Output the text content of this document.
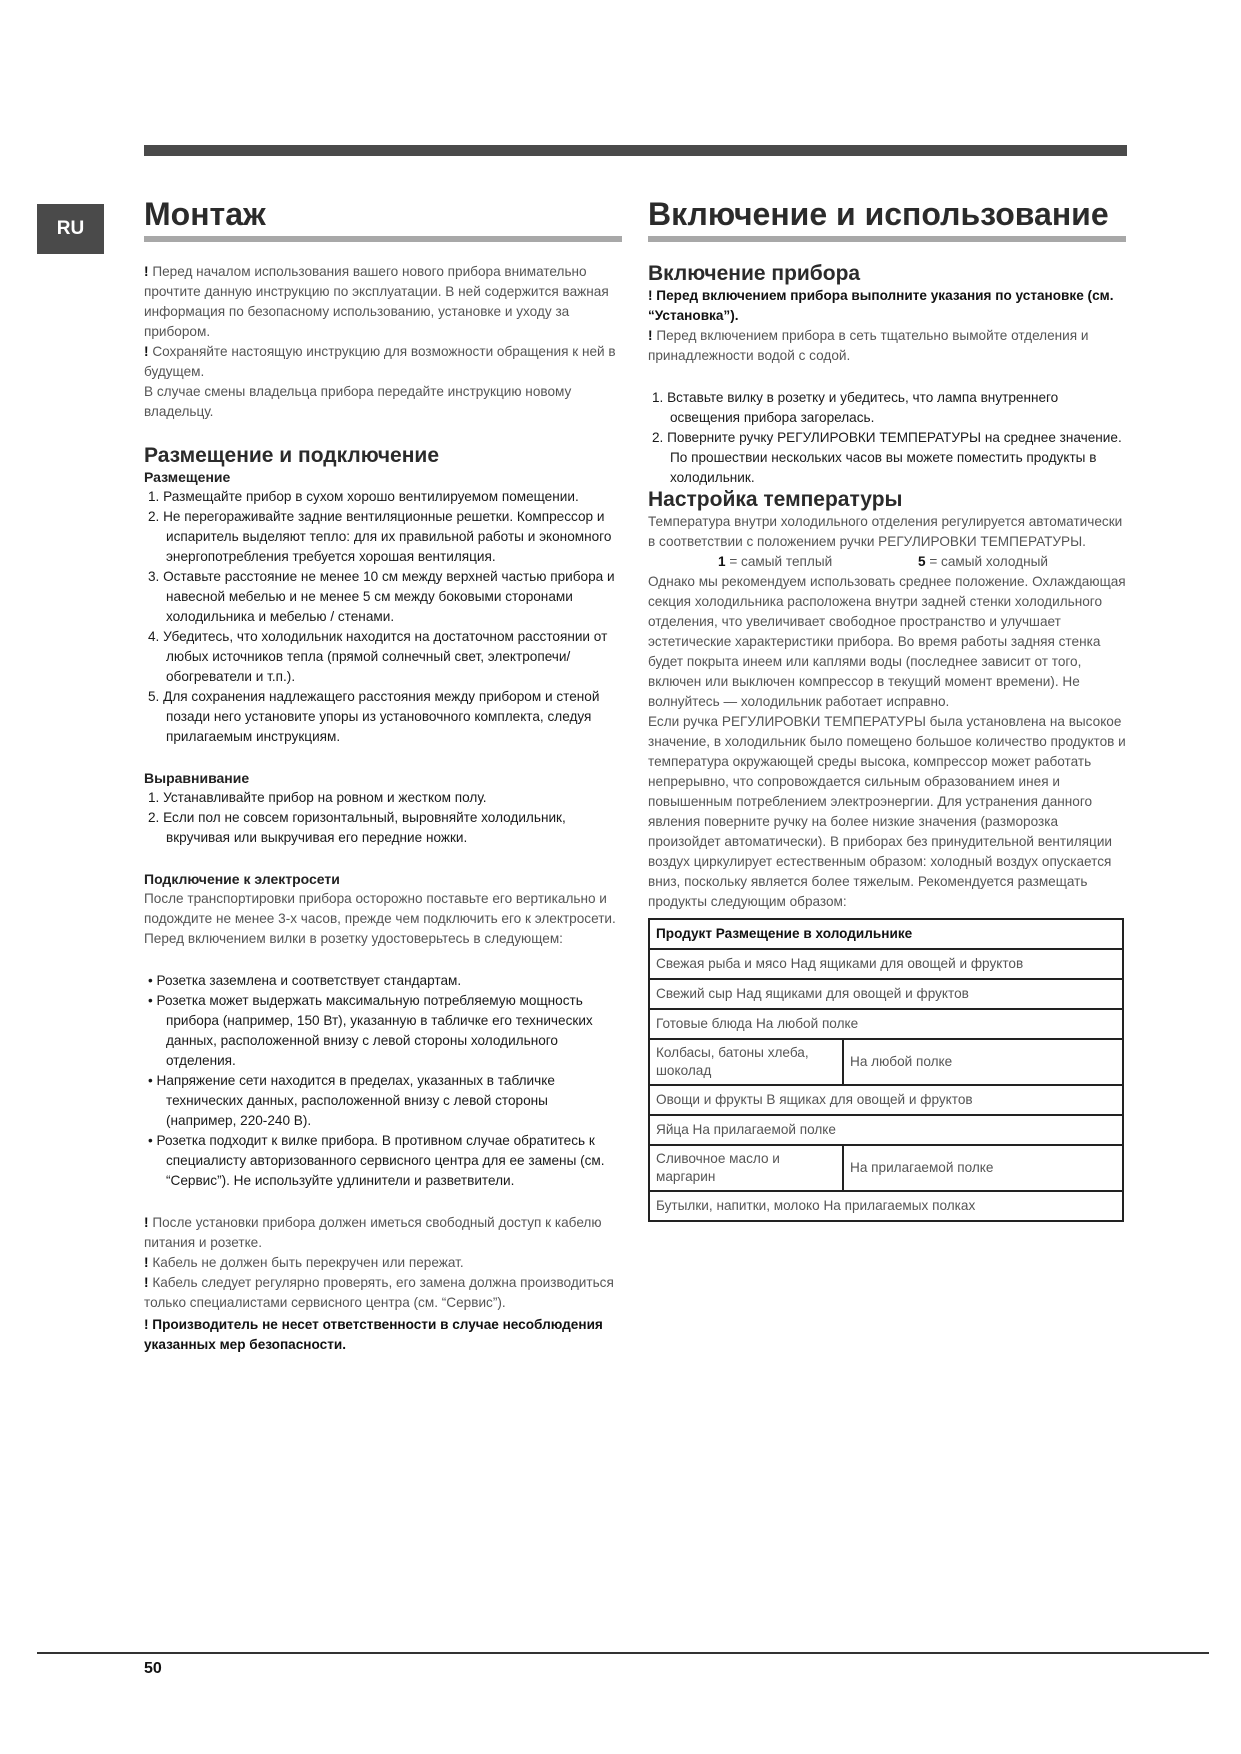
RU	Монтаж

! Перед началом использования вашего нового прибора внимательно прочтите данную инструкцию по эксплуатации. В ней содержится важная информация по безопасному использованию, установке и уходу за прибором.

! Сохраняйте настоящую инструкцию для возможности обращения к ней в будущем.

В случае смены владельца прибора передайте инструкцию новому владельцу.

Размещение и подключение
Размещение
1. Размещайте прибор в сухом хорошо вентилируемом помещении.
2. Не перегораживайте задние вентиляционные решетки. Компрессор и испаритель выделяют тепло: для их правильной работы и экономного энергопотребления требуется хорошая вентиляция.
3. Оставьте расстояние не менее 10 см между верхней частью прибора и навесной мебелью и не менее 5 см между боковыми сторонами холодильника и мебелью / стенами.
4. Убедитесь, что холодильник находится на достаточном расстоянии от любых источников тепла (прямой солнечный свет, электропечи/обогреватели и т.п.).
5. Для сохранения надлежащего расстояния между прибором и стеной позади него установите упоры из установочного комплекта, следуя прилагаемым инструкциям.
Выравнивание
1. Устанавливайте прибор на ровном и жестком полу.
2. Если пол не совсем горизонтальный, выровняйте холодильник, вкручивая или выкручивая его передние ножки.
Подключение к электросети

После транспортировки прибора осторожно поставьте его вертикально и подождите не менее 3-х часов, прежде чем подключить его к электросети. Перед включением вилки в розетку удостоверьтесь в следующем:

• Розетка заземлена и соответствует стандартам.
• Розетка может выдержать максимальную потребляемую мощность прибора (например, 150 Вт), указанную в табличке его технических данных, расположенной внизу с левой стороны холодильного отделения.
• Напряжение сети находится в пределах, указанных в табличке технических данных, расположенной внизу с левой стороны (например, 220-240 В).
• Розетка подходит к вилке прибора. В противном случае обратитесь к специалисту авторизованного сервисного центра для ее замены (см. “Сервис”). Не используйте удлинители и разветвители.

! После установки прибора должен иметься свободный доступ к кабелю питания и розетке.

! Кабель не должен быть перекручен или пережат.

! Кабель следует регулярно проверять, его замена должна производиться только специалистами сервисного центра (см. “Сервис”).

! Производитель не несет ответственности в случае несоблюдения указанных мер безопасности.

Включение и использование
Включение прибора

! Перед включением прибора выполните указания по установке (см. “Установка”).

! Перед включением прибора в сеть тщательно вымойте отделения и принадлежности водой с содой.

1. Вставьте вилку в розетку и убедитесь, что лампа внутреннего освещения прибора загорелась.
2. Поверните ручку РЕГУЛИРОВКИ ТЕМПЕРАТУРЫ на среднее значение. По прошествии нескольких часов вы можете поместить продукты в холодильник.
Настройка температуры

Температура внутри холодильного отделения регулируется автоматически в соответствии с положением ручки РЕГУЛИРОВКИ ТЕМПЕРАТУРЫ.

1 = самый теплый	5 = самый холодный

Однако мы рекомендуем использовать среднее положение. Охлаждающая секция холодильника расположена внутри задней стенки холодильного отделения, что увеличивает свободное пространство и улучшает эстетические характеристики прибора. Во время работы задняя стенка будет покрыта инеем или каплями воды (последнее зависит от того, включен или выключен компрессор в текущий момент времени). Не волнуйтесь — холодильник работает исправно.

Если ручка РЕГУЛИРОВКИ ТЕМПЕРАТУРЫ была установлена на высокое значение, в холодильник было помещено большое количество продуктов и температура окружающей среды высока, компрессор может работать непрерывно, что сопровождается сильным образованием инея и повышенным потреблением электроэнергии. Для устранения данного явления поверните ручку на более низкие значения (разморозка произойдет автоматически). В приборах без принудительной вентиляции воздух циркулирует естественным образом: холодный воздух опускается вниз, поскольку является более тяжелым. Рекомендуется размещать продукты следующим образом:

Продукт Размещение в холодильнике	
Свежая рыба и мясо Над ящиками для овощей и фруктов	
Свежий сыр Над ящиками для овощей и фруктов	
Готовые блюда На любой полке	
Колбасы, батоны хлеба, шоколад	На любой полке
Овощи и фрукты В ящиках для овощей и фруктов	
Яйца На прилагаемой полке	
Сливочное масло и маргарин	На прилагаемой полке
Бутылки, напитки, молоко На прилагаемых полках	
50
